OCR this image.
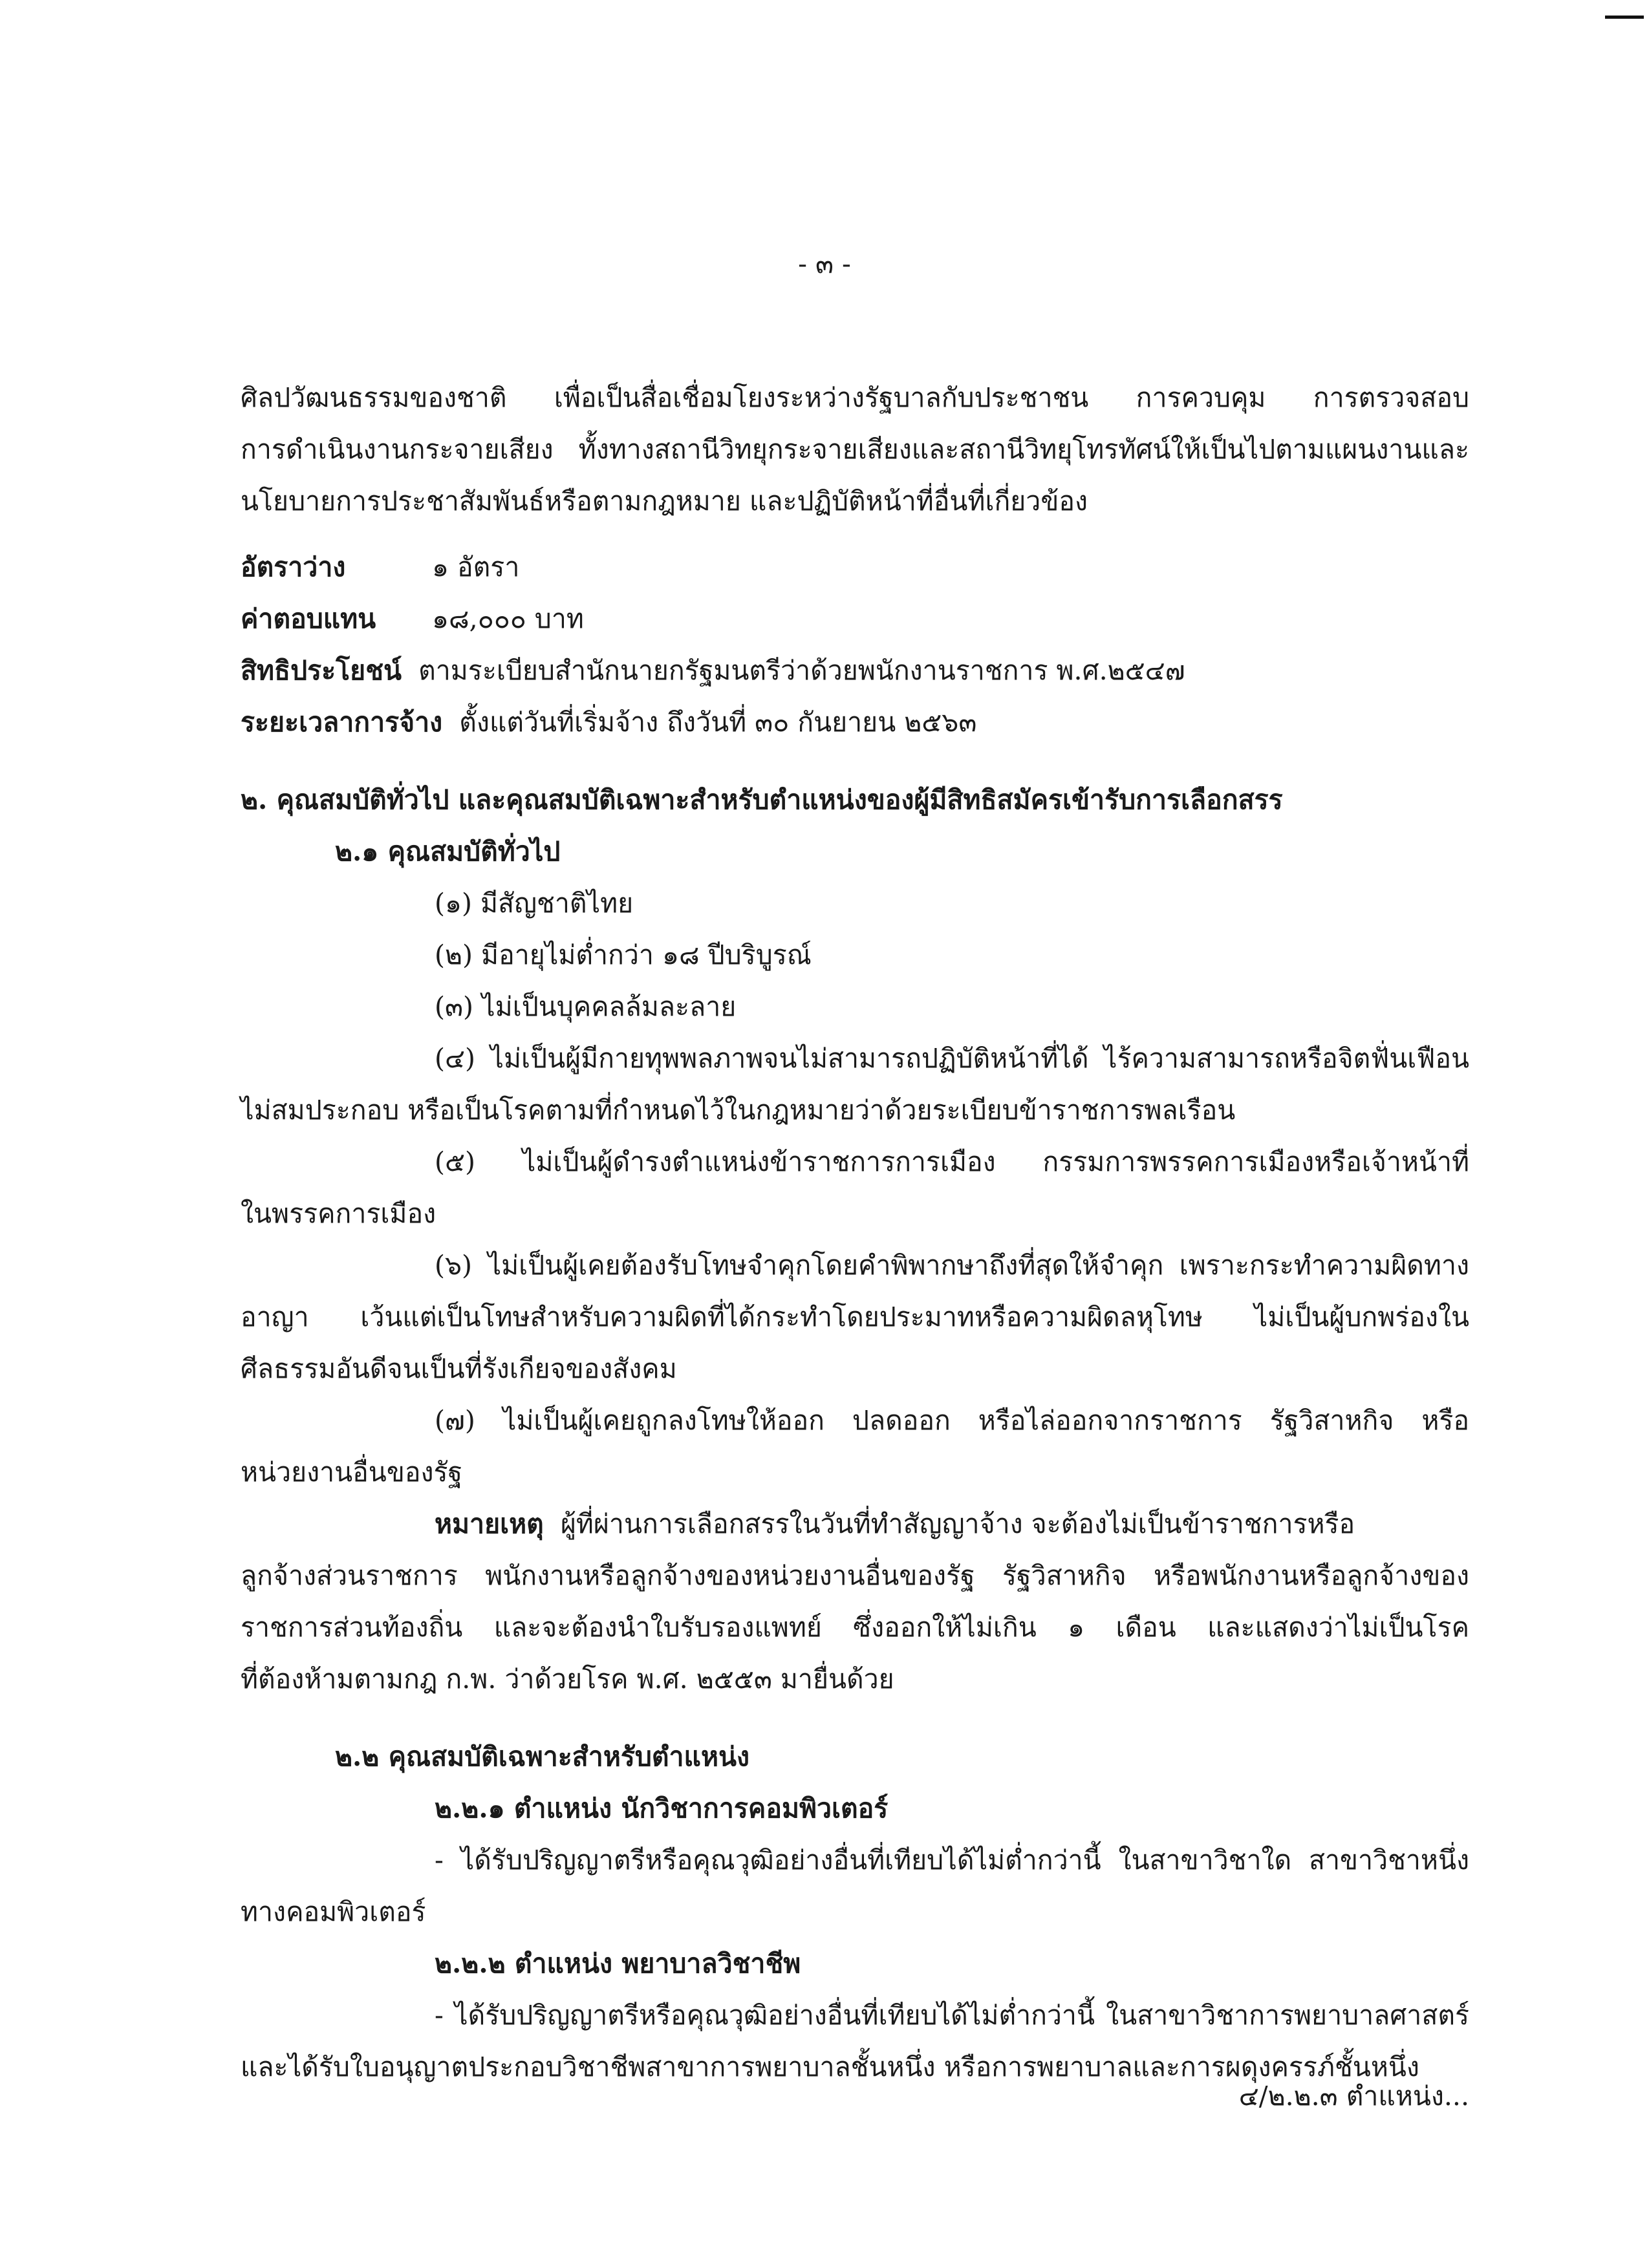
- ๓ -
ศิลปวัฒนธรรมของชาติ เพื่อเป็นสื่อเชื่อมโยงระหว่างรัฐบาลกับประชาชน การควบคุม การตรวจสอบ
การดำเนินงานกระจายเสียง ทั้งทางสถานีวิทยุกระจายเสียงและสถานีวิทยุโทรทัศน์ให้เป็นไปตามแผนงานและ
นโยบายการประชาสัมพันธ์หรือตามกฎหมาย และปฏิบัติหน้าที่อื่นที่เกี่ยวข้อง
อัตราว่าง	๑ อัตรา
ค่าตอบแทน ๑๘,๐๐๐ บาท
สิทธิประโยชน์ ตามระเบียบสำนักนายกรัฐมนตรีว่าด้วยพนักงานราชการ พ.ศ.๒๕๔๗
ระยะเวลาการจ้าง ตั้งแต่วันที่เริ่มจ้าง ถึงวันที่ ๓๐ กันยายน ๒๕๖๓
๒. คุณสมบัติทั่วไป และคุณสมบัติเฉพาะสำหรับตำแหน่งของผู้มีสิทธิสมัครเข้ารับการเลือกสรร
๒.๑ คุณสมบัติทั่วไป
(๑) มีสัญชาติไทย
(๒) มีอายุไม่ต่ำกว่า ๑๘ ปีบริบูรณ์
(๓) ไม่เป็นบุคคลล้มละลาย
(๔) ไม่เป็นผู้มีกายทุพพลภาพจนไม่สามารถปฏิบัติหน้าที่ได้ ไร้ความสามารถหรือจิตฟั่นเฟือน
ไม่สมประกอบ หรือเป็นโรคตามที่กำหนดไว้ในกฎหมายว่าด้วยระเบียบข้าราชการพลเรือน
(๕) ไม่เป็นผู้ดำรงตำแหน่งข้าราชการการเมือง กรรมการพรรคการเมืองหรือเจ้าหน้าที่
ในพรรคการเมือง
(๖) ไม่เป็นผู้เคยต้องรับโทษจำคุกโดยคำพิพากษาถึงที่สุดให้จำคุก เพราะกระทำความผิดทาง
อาญา เว้นแต่เป็นโทษสำหรับความผิดที่ได้กระทำโดยประมาทหรือความผิดลหุโทษ ไม่เป็นผู้บกพร่องใน
ศีลธรรมอันดีจนเป็นที่รังเกียจของสังคม
(๗) ไม่เป็นผู้เคยถูกลงโทษให้ออก ปลดออก หรือไล่ออกจากราชการ รัฐวิสาหกิจ หรือ
หน่วยงานอื่นของรัฐ
หมายเหตุ ผู้ที่ผ่านการเลือกสรรในวันที่ทำสัญญาจ้าง จะต้องไม่เป็นข้าราชการหรือ
ลูกจ้างส่วนราชการ พนักงานหรือลูกจ้างของหน่วยงานอื่นของรัฐ รัฐวิสาหกิจ หรือพนักงานหรือลูกจ้างของ
ราชการส่วนท้องถิ่น และจะต้องนำใบรับรองแพทย์ ซึ่งออกให้ไม่เกิน ๑ เดือน และแสดงว่าไม่เป็นโรค
ที่ต้องห้ามตามกฎ ก.พ. ว่าด้วยโรค พ.ศ. ๒๕๕๓ มายื่นด้วย
๒.๒ คุณสมบัติเฉพาะสำหรับตำแหน่ง
๒.๒.๑ ตำแหน่ง นักวิชาการคอมพิวเตอร์
- ได้รับปริญญาตรีหรือคุณวุฒิอย่างอื่นที่เทียบได้ไม่ต่ำกว่านี้ ในสาขาวิชาใด สาขาวิชาหนึ่ง
ทางคอมพิวเตอร์
๒.๒.๒ ตำแหน่ง พยาบาลวิชาชีพ
- ได้รับปริญญาตรีหรือคุณวุฒิอย่างอื่นที่เทียบได้ไม่ต่ำกว่านี้ ในสาขาวิชาการพยาบาลศาสตร์
และได้รับใบอนุญาตประกอบวิชาชีพสาขาการพยาบาลชั้นหนึ่ง หรือการพยาบาลและการผดุงครรภ์ชั้นหนึ่ง
๔/๒.๒.๓ ตำแหน่ง...
